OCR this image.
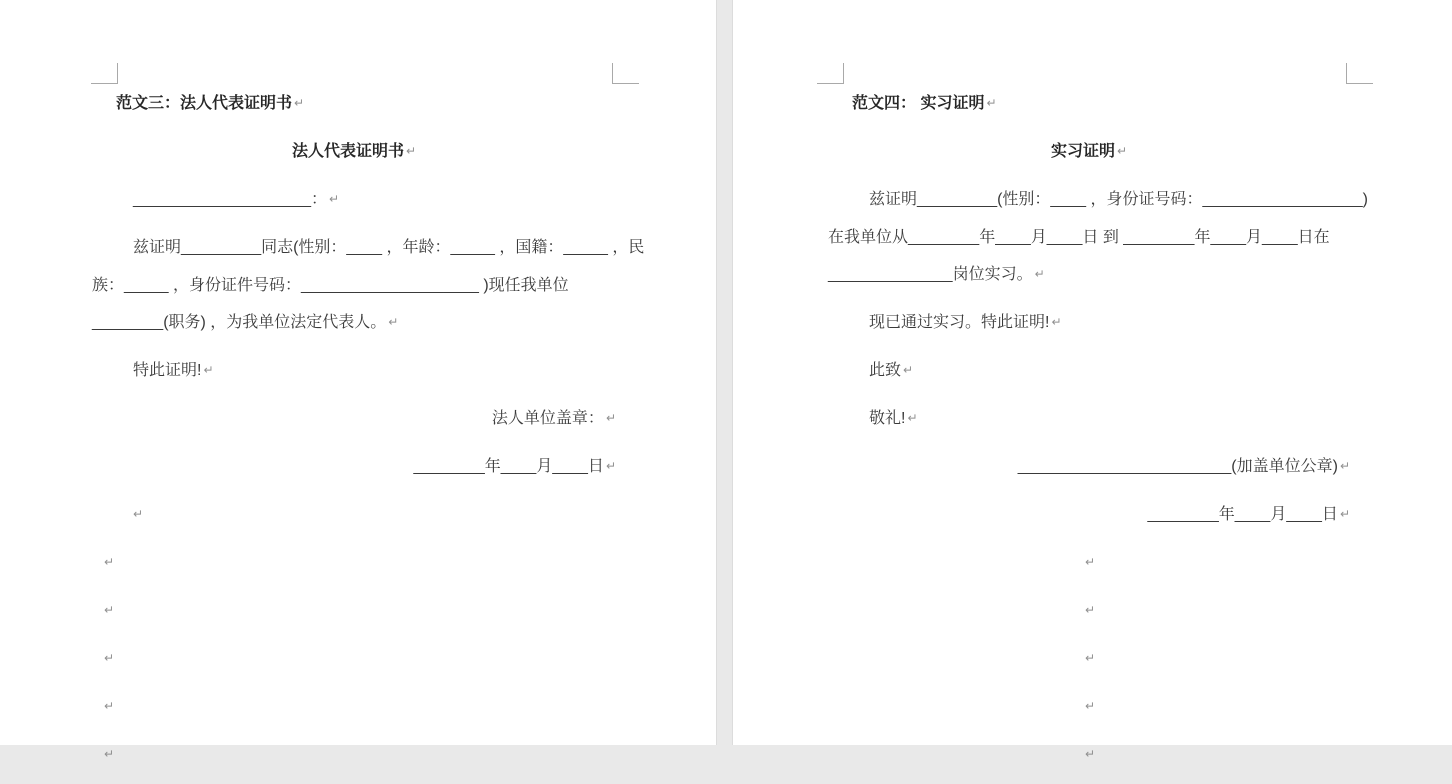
范文三：法人代表证明书 ↵
法人代表证明书 ↵
____________________： ↵
兹证明_________同志(性别：____ ，年龄：_____ ，国籍：_____ ，民
族：_____ ，身份证件号码：____________________ )现任我单位
________(职务) ，为我单位法定代表人。 ↵
特此证明! ↵
法人单位盖章： ↵
________年____月____日 ↵
↵
↵
↵
↵
↵
↵
范文四： 实习证明 ↵
实习证明 ↵
兹证明_________(性别：____ ，身份证号码：__________________)
在我单位从________年____月____日 到 ________年____月____日在
______________岗位实习。 ↵
现已通过实习。特此证明! ↵
此致 ↵
敬礼! ↵
________________________(加盖单位公章) ↵
________年____月____日 ↵
↵
↵
↵
↵
↵
